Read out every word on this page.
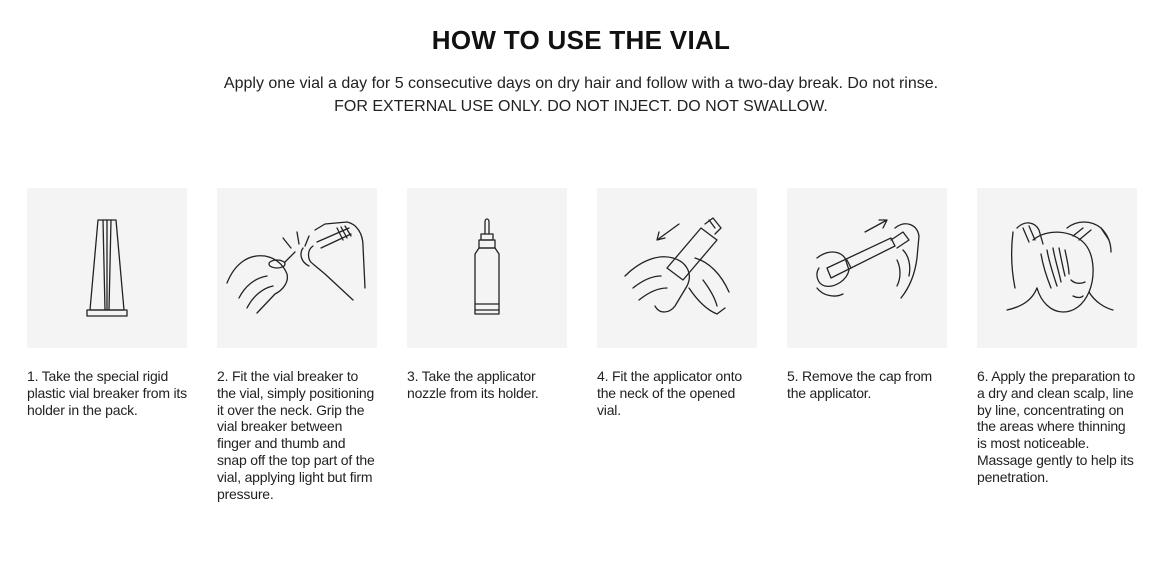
HOW TO USE THE VIAL
Apply one vial a day for 5 consecutive days on dry hair and follow with a two-day break. Do not rinse.
FOR EXTERNAL USE ONLY. DO NOT INJECT. DO NOT SWALLOW.
1. Take the special rigid plastic vial breaker from its holder in the pack.
2. Fit the vial breaker to the vial, simply positioning it over the neck. Grip the vial breaker between finger and thumb and snap off the top part of the vial, applying light but firm pressure.
3. Take the applicator nozzle from its holder.
4. Fit the applicator onto the neck of the opened vial.
5. Remove the cap from the applicator.
6. Apply the preparation to a dry and clean scalp, line by line, concentrating on the areas where thinning is most noticeable. Massage gently to help its penetration.
